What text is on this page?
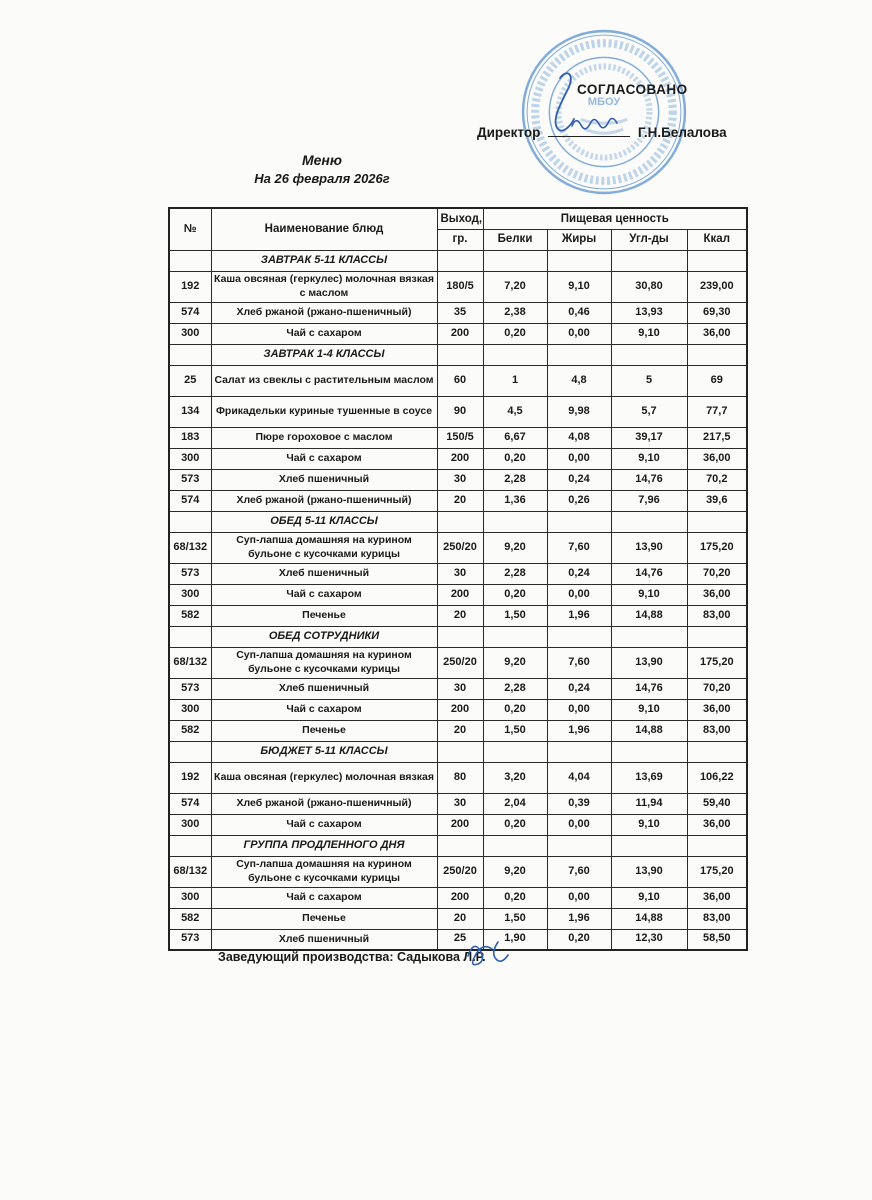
МБОУ
СОГЛАСОВАНО
Директор	Г.Н.Белалова
Меню
На 26 февраля 2026г
№	Наименование блюд	Выход,	Пищевая ценность			
		гр.	Белки	Жиры	Угл-ды	Ккал
	ЗАВТРАК 5-11 КЛАССЫ					
192	Каша овсяная (геркулес) молочная вязкая с маслом	180/5	7,20	9,10	30,80	239,00
574	Хлеб ржаной (ржано-пшеничный)	35	2,38	0,46	13,93	69,30
300	Чай с сахаром	200	0,20	0,00	9,10	36,00
	ЗАВТРАК 1-4 КЛАССЫ					
25	Салат из свеклы с растительным маслом	60	1	4,8	5	69
134	Фрикадельки куриные тушенные в соусе	90	4,5	9,98	5,7	77,7
183	Пюре гороховое с маслом	150/5	6,67	4,08	39,17	217,5
300	Чай с сахаром	200	0,20	0,00	9,10	36,00
573	Хлеб пшеничный	30	2,28	0,24	14,76	70,2
574	Хлеб ржаной (ржано-пшеничный)	20	1,36	0,26	7,96	39,6
	ОБЕД 5-11 КЛАССЫ					
68/132	Суп-лапша домашняя на курином бульоне с кусочками курицы	250/20	9,20	7,60	13,90	175,20
573	Хлеб пшеничный	30	2,28	0,24	14,76	70,20
300	Чай с сахаром	200	0,20	0,00	9,10	36,00
582	Печенье	20	1,50	1,96	14,88	83,00
	ОБЕД СОТРУДНИКИ					
68/132	Суп-лапша домашняя на курином бульоне с кусочками курицы	250/20	9,20	7,60	13,90	175,20
573	Хлеб пшеничный	30	2,28	0,24	14,76	70,20
300	Чай с сахаром	200	0,20	0,00	9,10	36,00
582	Печенье	20	1,50	1,96	14,88	83,00
	БЮДЖЕТ 5-11 КЛАССЫ					
192	Каша овсяная (геркулес) молочная вязкая	80	3,20	4,04	13,69	106,22
574	Хлеб ржаной (ржано-пшеничный)	30	2,04	0,39	11,94	59,40
300	Чай с сахаром	200	0,20	0,00	9,10	36,00
	ГРУППА ПРОДЛЕННОГО ДНЯ					
68/132	Суп-лапша домашняя на курином бульоне с кусочками курицы	250/20	9,20	7,60	13,90	175,20
300	Чай с сахаром	200	0,20	0,00	9,10	36,00
582	Печенье	20	1,50	1,96	14,88	83,00
573	Хлеб пшеничный	25	1,90	0,20	12,30	58,50
Заведующий производства: Садыкова Л.Р.
